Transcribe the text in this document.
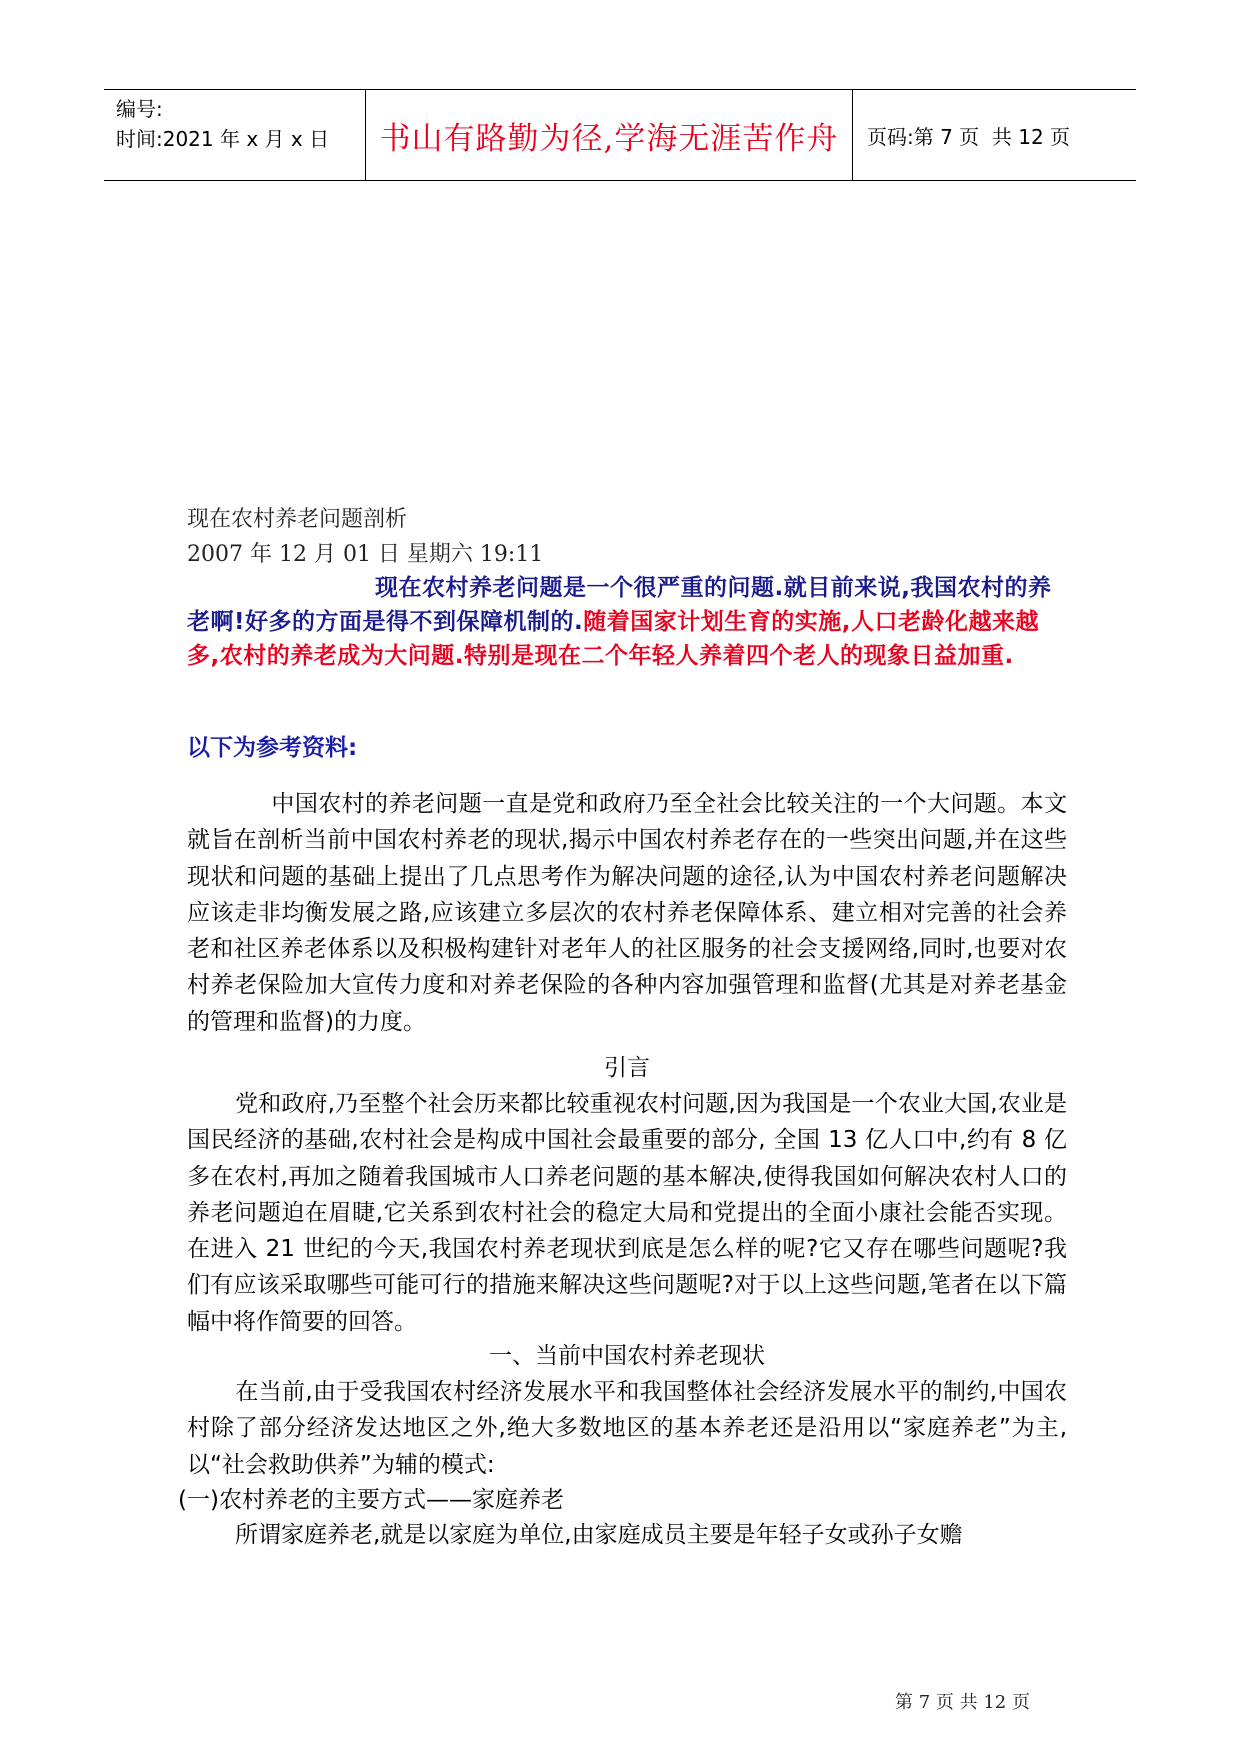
编号:
时间:2021 年 x 月 x 日	书山有路勤为径,学海无涯苦作舟 页码:第 7 页  共 12 页
现在农村养老问题剖析
2007 年 12 月 01 日 星期六 19:11
现在农村养老问题是一个很严重的问题.就目前来说,我国农村的养老啊!好多的方面是得不到保障机制的.随着国家计划生育的实施,人口老龄化越来越多,农村的养老成为大问题.特别是现在二个年轻人养着四个老人的现象日益加重.
以下为参考资料:
中国农村的养老问题一直是党和政府乃至全社会比较关注的一个大问题。本文就旨在剖析当前中国农村养老的现状,揭示中国农村养老存在的一些突出问题,并在这些现状和问题的基础上提出了几点思考作为解决问题的途径,认为中国农村养老问题解决应该走非均衡发展之路,应该建立多层次的农村养老保障体系、建立相对完善的社会养老和社区养老体系以及积极构建针对老年人的社区服务的社会支援网络,同时,也要对农村养老保险加大宣传力度和对养老保险的各种内容加强管理和监督(尤其是对养老基金的管理和监督)的力度。
引言
党和政府,乃至整个社会历来都比较重视农村问题,因为我国是一个农业大国,农业是国民经济的基础,农村社会是构成中国社会最重要的部分, 全国 13 亿人口中,约有 8 亿多在农村,再加之随着我国城市人口养老问题的基本解决,使得我国如何解决农村人口的养老问题迫在眉睫,它关系到农村社会的稳定大局和党提出的全面小康社会能否实现。在进入 21 世纪的今天,我国农村养老现状到底是怎么样的呢?它又存在哪些问题呢?我们有应该采取哪些可能可行的措施来解决这些问题呢?对于以上这些问题,笔者在以下篇幅中将作简要的回答。
一、当前中国农村养老现状
在当前,由于受我国农村经济发展水平和我国整体社会经济发展水平的制约,中国农村除了部分经济发达地区之外,绝大多数地区的基本养老还是沿用以“家庭养老”为主,以“社会救助供养”为辅的模式:
(一)农村养老的主要方式——家庭养老
所谓家庭养老,就是以家庭为单位,由家庭成员主要是年轻子女或孙子女赡
第 7 页 共 12 页
